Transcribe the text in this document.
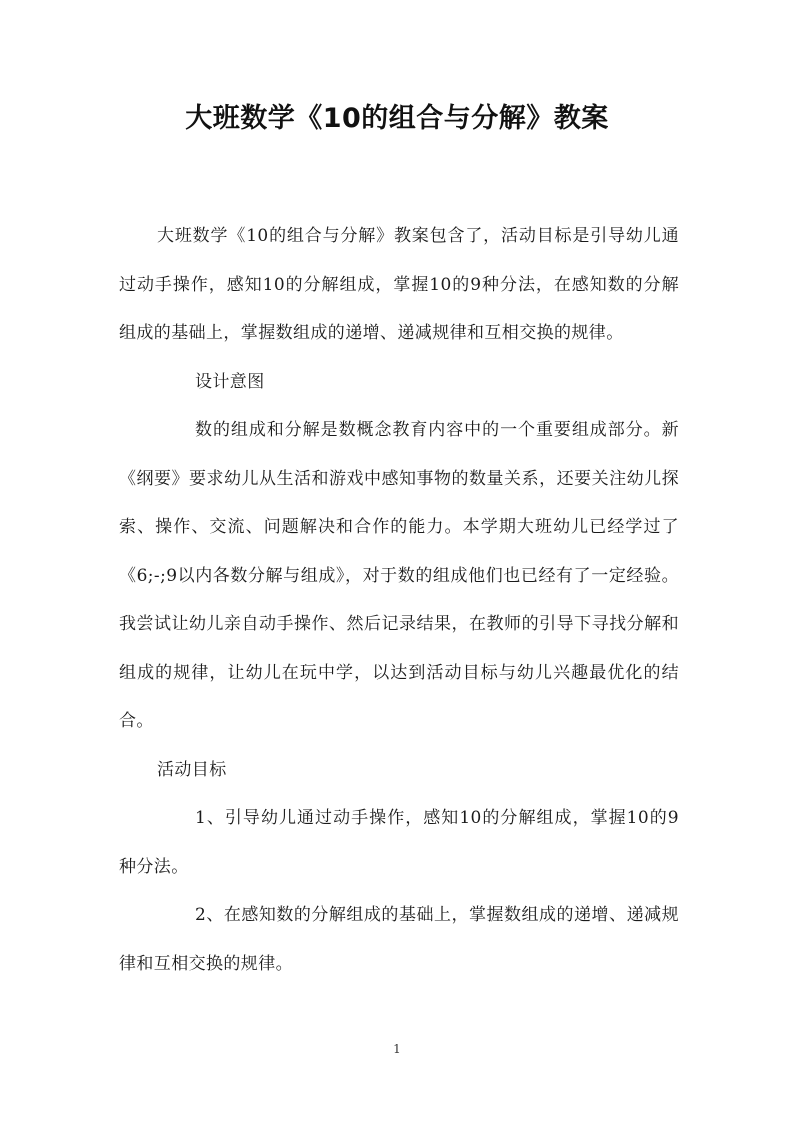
大班数学《10的组合与分解》教案

大班数学《10的组合与分解》教案包含了，活动目标是引导幼儿通过动手操作，感知10的分解组成，掌握10的9种分法，在感知数的分解组成的基础上，掌握数组成的递增、递减规律和互相交换的规律。

设计意图

数的组成和分解是数概念教育内容中的一个重要组成部分。新《纲要》要求幼儿从生活和游戏中感知事物的数量关系，还要关注幼儿探索、操作、交流、问题解决和合作的能力。本学期大班幼儿已经学过了《6;-;9以内各数分解与组成》，对于数的组成他们也已经有了一定经验。我尝试让幼儿亲自动手操作、然后记录结果，在教师的引导下寻找分解和组成的规律，让幼儿在玩中学，以达到活动目标与幼儿兴趣最优化的结合。

活动目标

1、引导幼儿通过动手操作，感知10的分解组成，掌握10的9种分法。

2、在感知数的分解组成的基础上，掌握数组成的递增、递减规律和互相交换的规律。

1
